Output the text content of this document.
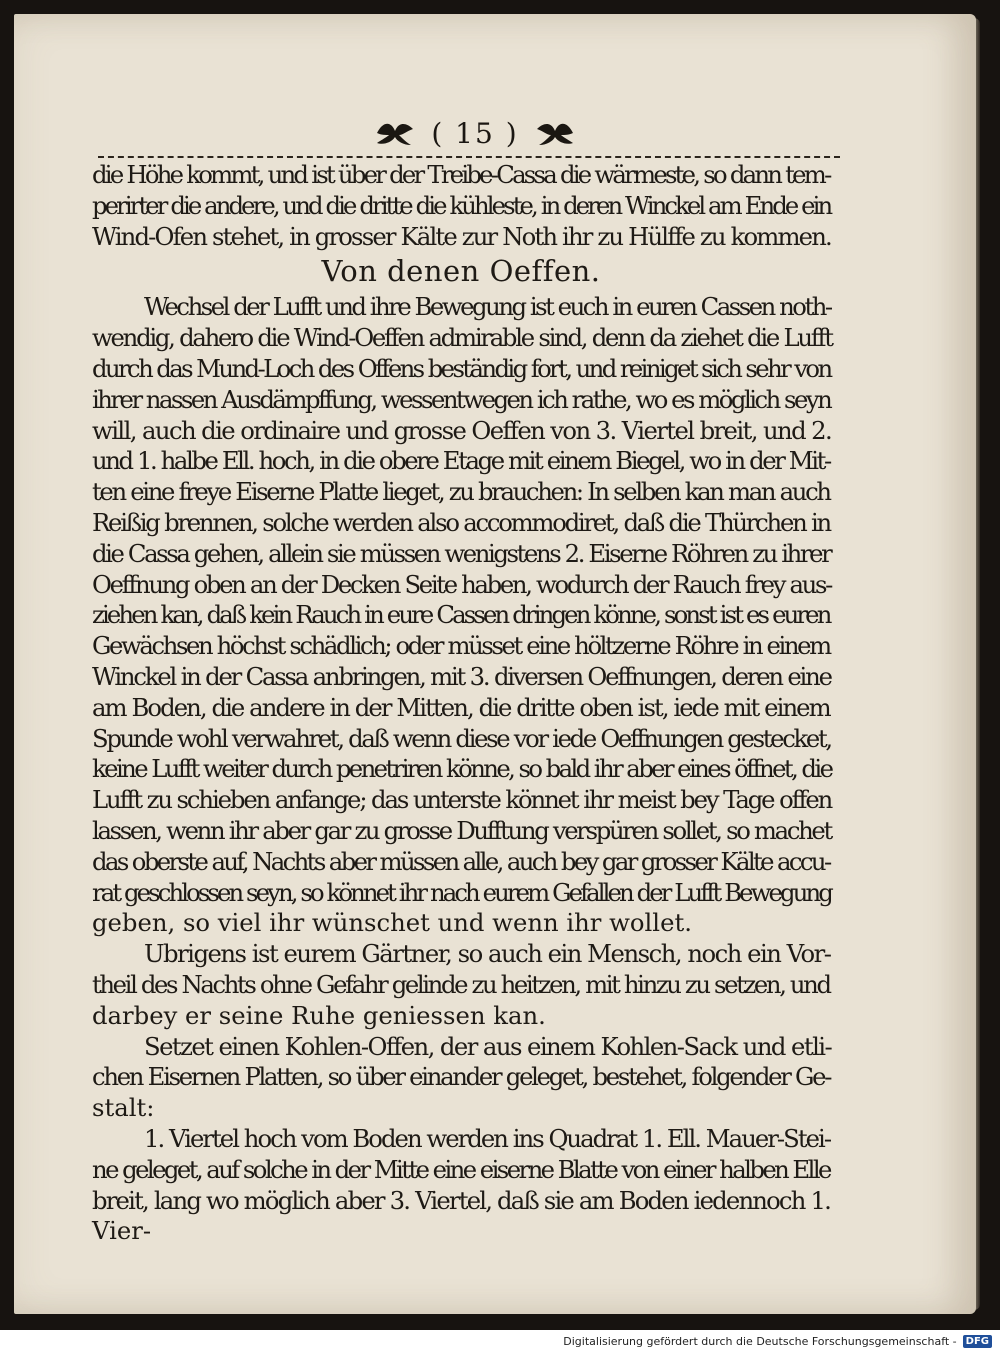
( 15 )

die Höhe kommt, und ist über der Treibe-Cassa die wärmeste, so dann tem-
perirter die andere, und die dritte die kühleste, in deren Winckel am Ende ein
Wind-Ofen stehet, in grosser Kälte zur Noth ihr zu Hülffe zu kommen.

Von denen Oeffen.

Wechsel der Lufft und ihre Bewegung ist euch in euren Cassen noth-
wendig, dahero die Wind-Oeffen admirable sind, denn da ziehet die Lufft
durch das Mund-Loch des Offens beständig fort, und reiniget sich sehr von
ihrer nassen Ausdämpffung, wessentwegen ich rathe, wo es möglich seyn
will, auch die ordinaire und grosse Oeffen von 3. Viertel breit, und 2.
und 1. halbe Ell. hoch, in die obere Etage mit einem Biegel, wo in der Mit-
ten eine freye Eiserne Platte lieget, zu brauchen: In selben kan man auch
Reißig brennen, solche werden also accommodiret, daß die Thürchen in
die Cassa gehen, allein sie müssen wenigstens 2. Eiserne Röhren zu ihrer
Oeffnung oben an der Decken Seite haben, wodurch der Rauch frey aus-
ziehen kan, daß kein Rauch in eure Cassen dringen könne, sonst ist es euren
Gewächsen höchst schädlich; oder müsset eine höltzerne Röhre in einem
Winckel in der Cassa anbringen, mit 3. diversen Oeffnungen, deren eine
am Boden, die andere in der Mitten, die dritte oben ist, iede mit einem
Spunde wohl verwahret, daß wenn diese vor iede Oeffnungen gestecket,
keine Lufft weiter durch penetriren könne, so bald ihr aber eines öffnet, die
Lufft zu schieben anfange; das unterste könnet ihr meist bey Tage offen
lassen, wenn ihr aber gar zu grosse Dufftung verspüren sollet, so machet
das oberste auf, Nachts aber müssen alle, auch bey gar grosser Kälte accu-
rat geschlossen seyn, so könnet ihr nach eurem Gefallen der Lufft Bewegung
geben, so viel ihr wünschet und wenn ihr wollet.

Ubrigens ist eurem Gärtner, so auch ein Mensch, noch ein Vor-
theil des Nachts ohne Gefahr gelinde zu heitzen, mit hinzu zu setzen, und
darbey er seine Ruhe geniessen kan.

Setzet einen Kohlen-Offen, der aus einem Kohlen-Sack und etli-
chen Eisernen Platten, so über einander geleget, bestehet, folgender Ge-
stalt:

1. Viertel hoch vom Boden werden ins Quadrat 1. Ell. Mauer-Stei-
ne geleget, auf solche in der Mitte eine eiserne Blatte von einer halben Elle
breit, lang wo möglich aber 3. Viertel, daß sie am Boden iedennoch 1.
Vier-

Digitalisierung gefördert durch die Deutsche Forschungsgemeinschaft - DFG
